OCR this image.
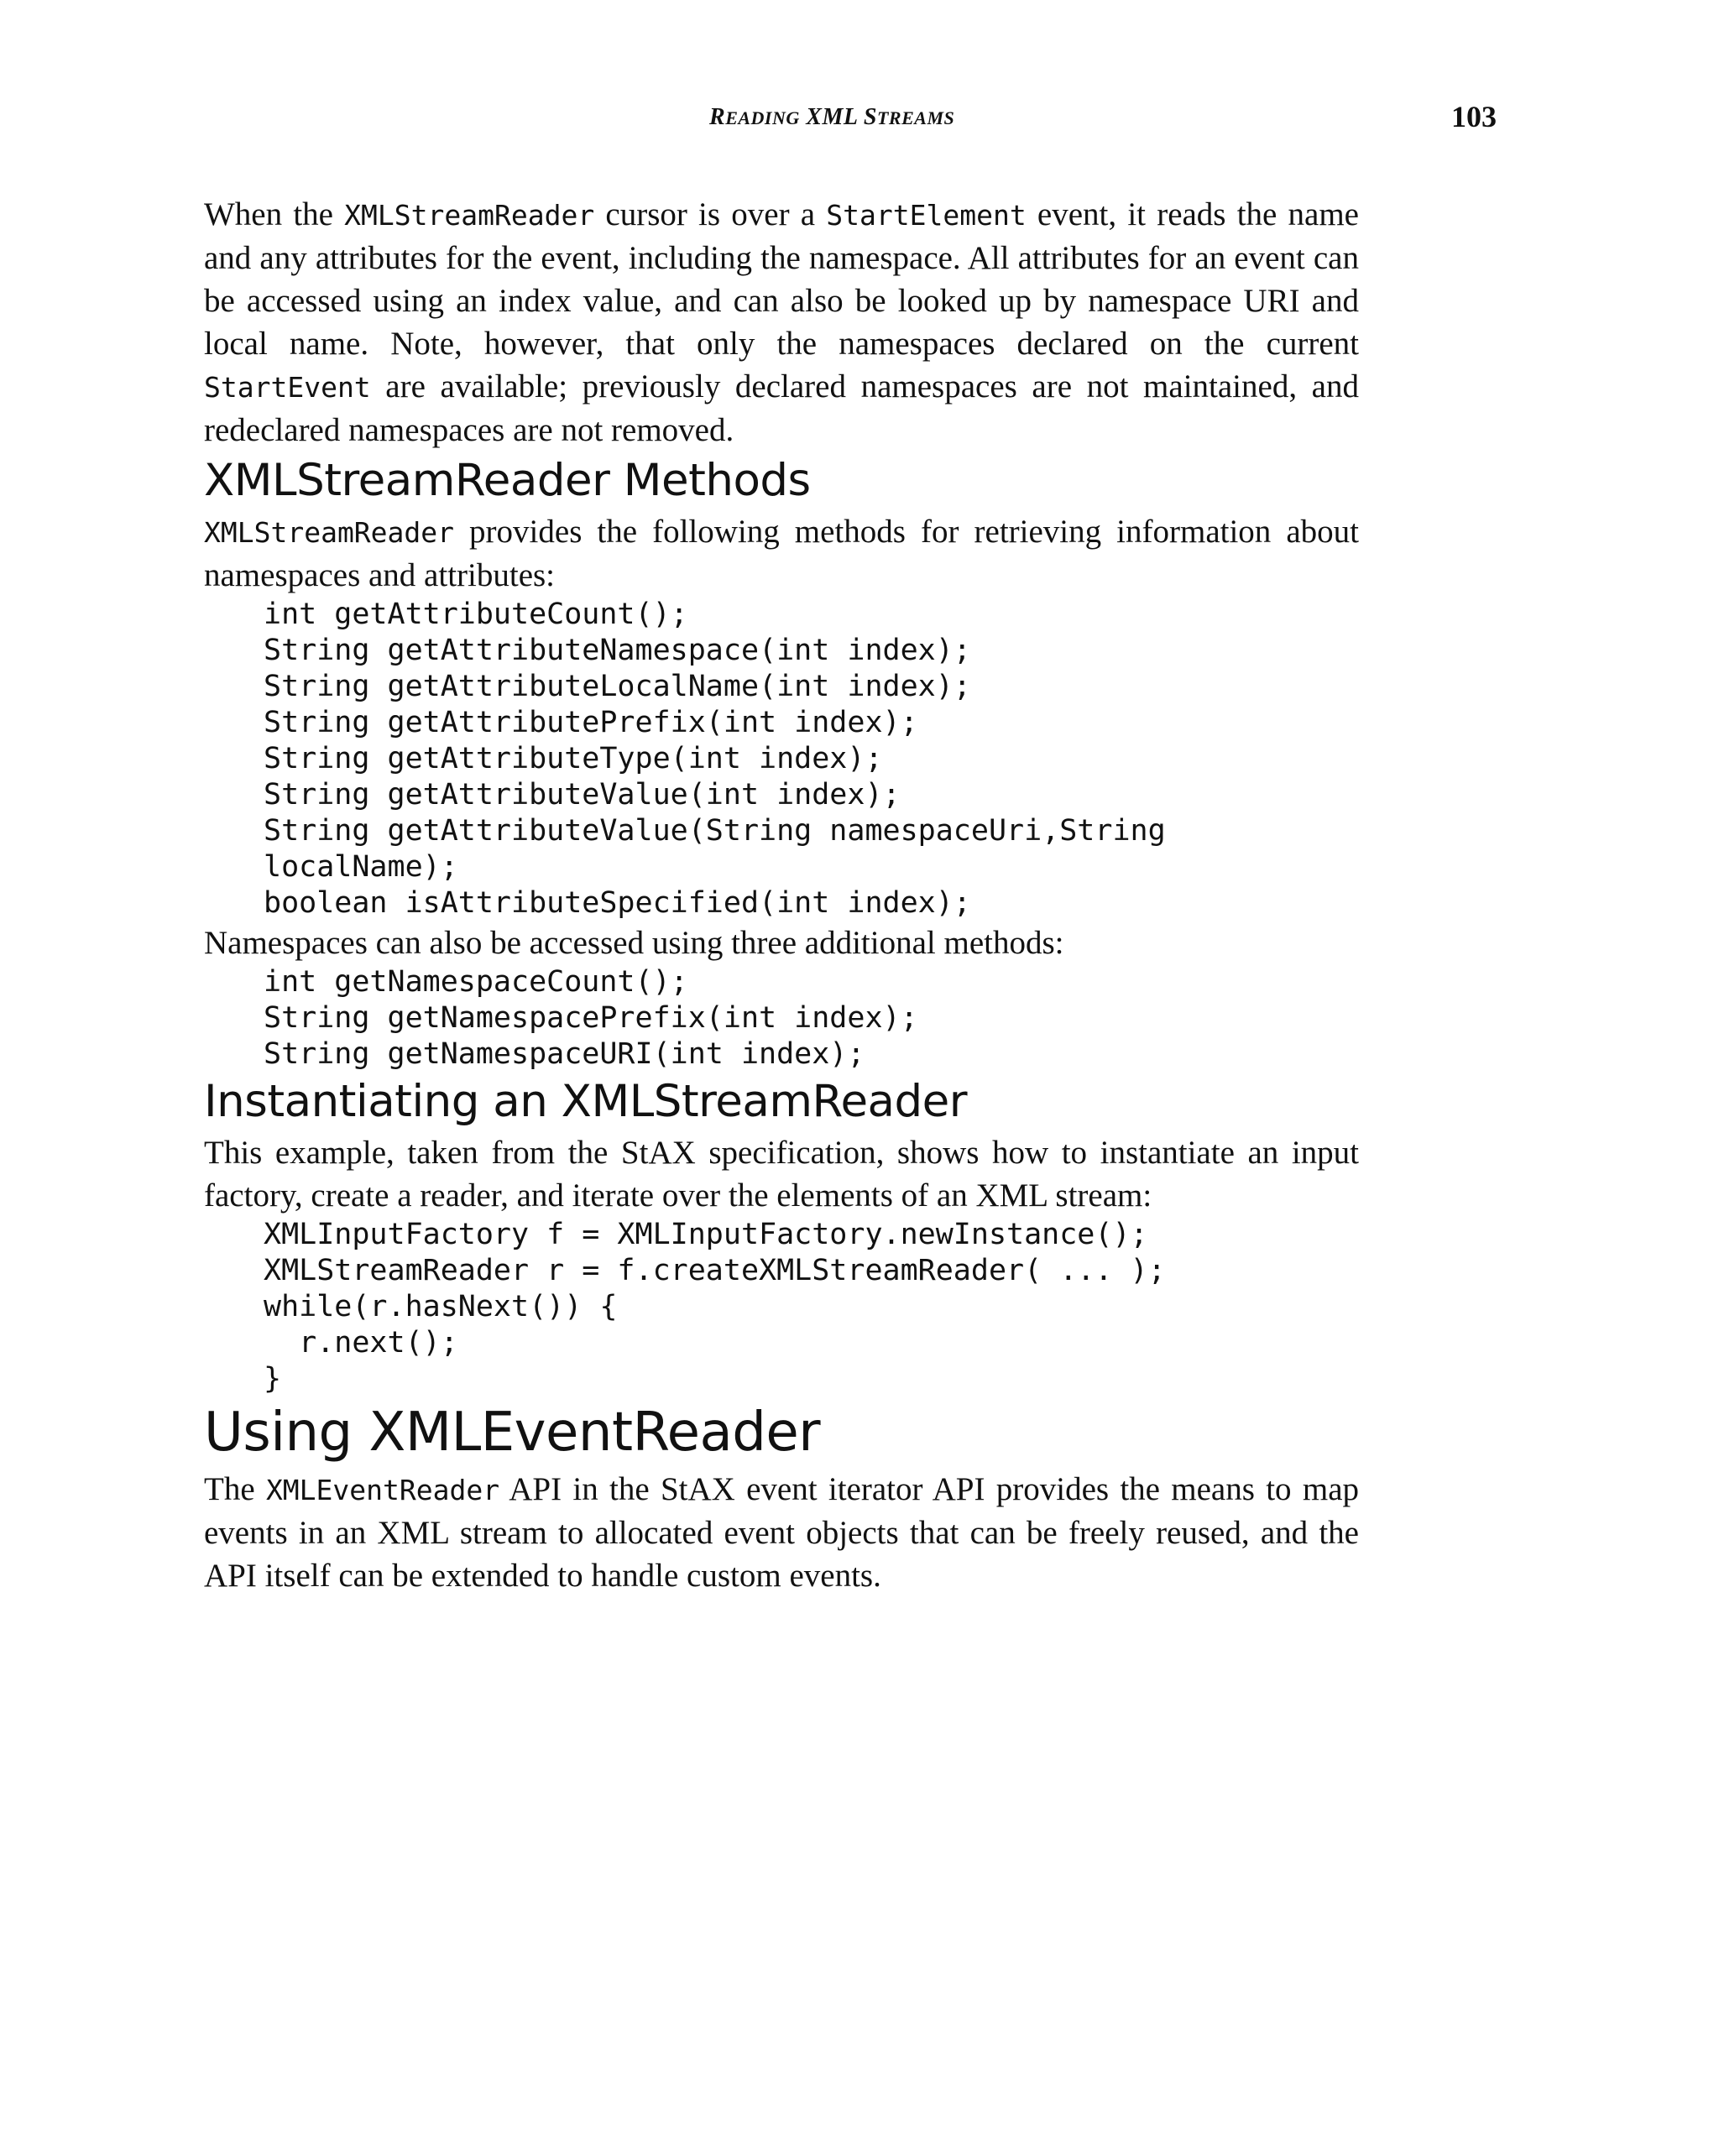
READING XML STREAMS	103

When the XMLStreamReader cursor is over a StartElement event, it reads the name and any attributes for the event, including the namespace. All attributes for an event can be accessed using an index value, and can also be looked up by namespace URI and local name. Note, however, that only the namespaces declared on the current StartEvent are available; previously declared namespaces are not maintained, and redeclared namespaces are not removed.

XMLStreamReader Methods

XMLStreamReader provides the following methods for retrieving information about namespaces and attributes:

int getAttributeCount();
String getAttributeNamespace(int index);
String getAttributeLocalName(int index);
String getAttributePrefix(int index);
String getAttributeType(int index);
String getAttributeValue(int index);
String getAttributeValue(String namespaceUri,String
localName);
boolean isAttributeSpecified(int index);

Namespaces can also be accessed using three additional methods:

int getNamespaceCount();
String getNamespacePrefix(int index);
String getNamespaceURI(int index);
Instantiating an XMLStreamReader

This example, taken from the StAX specification, shows how to instantiate an input factory, create a reader, and iterate over the elements of an XML stream:

XMLInputFactory f = XMLInputFactory.newInstance();
XMLStreamReader r = f.createXMLStreamReader( ... );
while(r.hasNext()) {
r.next();
}
Using XMLEventReader

The XMLEventReader API in the StAX event iterator API provides the means to map events in an XML stream to allocated event objects that can be freely reused, and the API itself can be extended to handle custom events.
